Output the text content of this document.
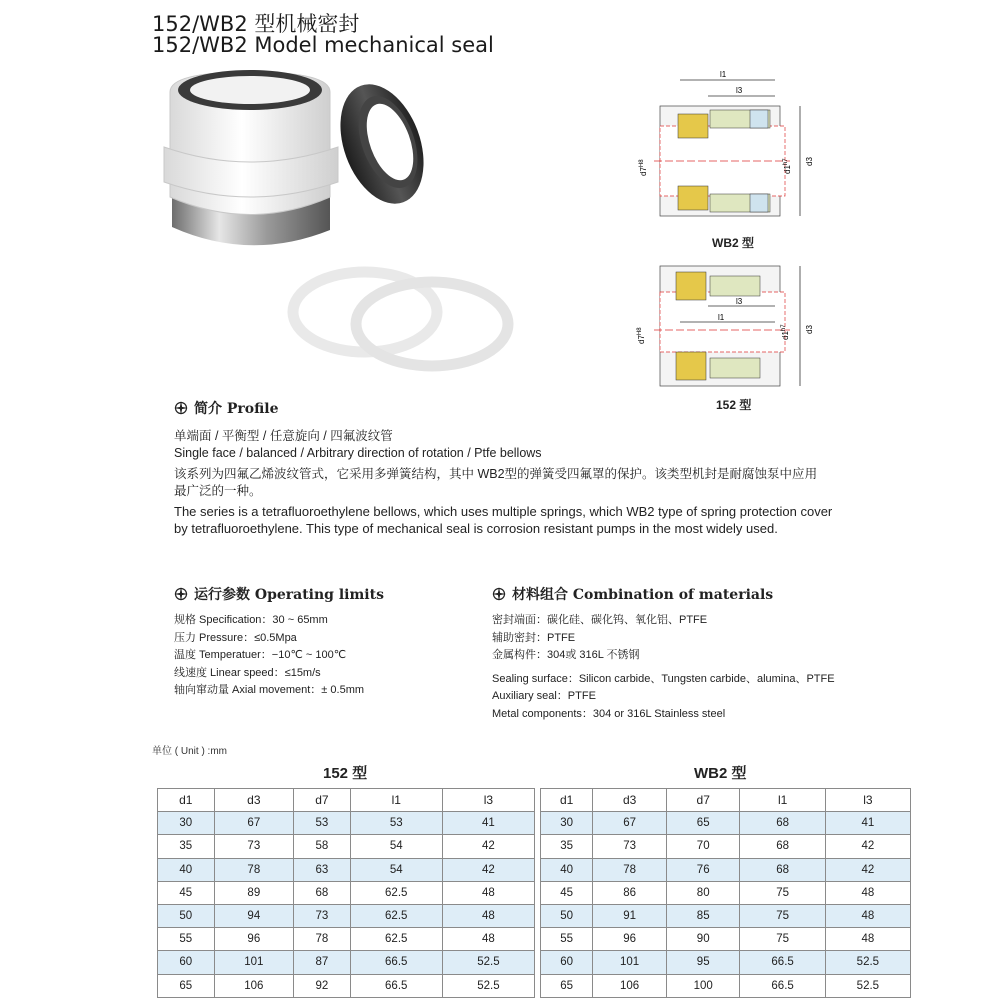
152/WB2 型机械密封
152/WB2 Model mechanical seal
l1
l3
$d7^{H8}$
$d1^{h7}$	d3
WB2 型
l3
l1
$d7^{H8}$	$d1^{h7}$	d3
152 型
简介 Profile
单端面 / 平衡型 / 任意旋向 / 四氟波纹管
Single face / balanced / Arbitrary direction of rotation / Ptfe bellows
该系列为四氟乙烯波纹管式，它采用多弹簧结构，其中 WB2型的弹簧受四氟罩的保护。该类型机封是耐腐蚀泵中应用
最广泛的一种。
The series is a tetrafluoroethylene bellows, which uses multiple springs, which WB2 type of spring protection cover
by tetrafluoroethylene. This type of mechanical seal is corrosion resistant pumps in the most widely used.
运行参数 Operating limits
规格 Specification：30 ~ 65mm
压力 Pressure：≤0.5Mpa
温度 Temperatuer：−10℃ ~ 100℃
线速度 Linear speed：≤15m/s
轴向窜动量 Axial movement：± 0.5mm
材料组合 Combination of materials
密封端面：碳化硅、碳化钨、氧化铝、PTFE
辅助密封：PTFE
金属构件：304或 316L 不锈钢
Sealing surface：Silicon carbide、Tungsten carbide、alumina、PTFE
Auxiliary seal：PTFE
Metal components：304 or 316L Stainless steel
单位 ( Unit ) :mm
152 型	WB2 型
d1	d3	d7	l1	l3
30	67	53	53	41
35	73	58	54	42
40	78	63	54	42
45	89	68	62.5	48
50	94	73	62.5	48
55	96	78	62.5	48
60	101	87	66.5	52.5
65	106	92	66.5	52.5
d1	d3	d7	l1	l3
30	67	65	68	41
35	73	70	68	42
40	78	76	68	42
45	86	80	75	48
50	91	85	75	48
55	96	90	75	48
60	101	95	66.5	52.5
65	106	100	66.5	52.5
